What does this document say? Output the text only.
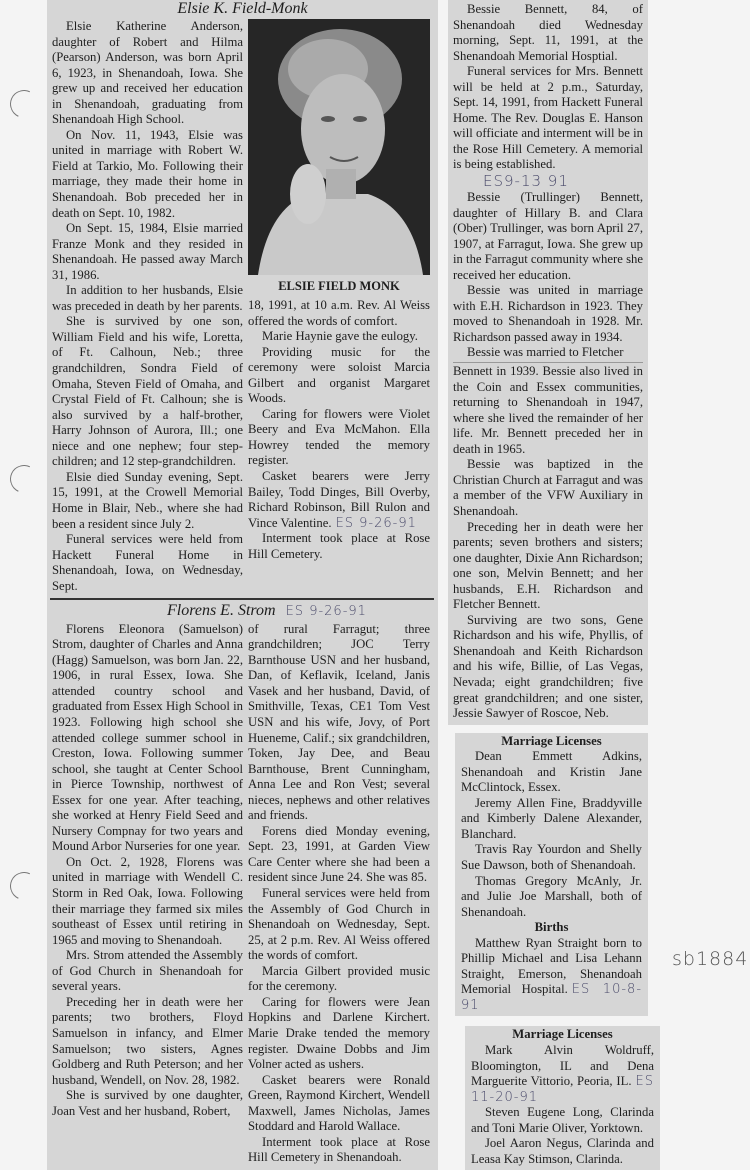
Elsie K. Field-Monk

Elsie Katherine Anderson, daughter of Robert and Hilma (Pearson) Anderson, was born April 6, 1923, in Shenandoah, Iowa. She grew up and received her education in Shenandoah, graduating from Shenandoah High School.

On Nov. 11, 1943, Elsie was united in marriage with Robert W. Field at Tarkio, Mo. Following their marriage, they made their home in Shenandoah. Bob preceded her in death on Sept. 10, 1982.

On Sept. 15, 1984, Elsie married Franze Monk and they resided in Shenandoah. He passed away March 31, 1986.

In addition to her husbands, Elsie was preceded in death by her parents.

She is survived by one son, William Field and his wife, Loretta, of Ft. Calhoun, Neb.; three grandchildren, Sondra Field of Omaha, Steven Field of Omaha, and Crystal Field of Ft. Calhoun; she is also survived by a half-brother, Harry Johnson of Aurora, Ill.; one niece and one nephew; four step-children; and 12 step-grandchildren.

Elsie died Sunday evening, Sept. 15, 1991, at the Crowell Memorial Home in Blair, Neb., where she had been a resident since July 2.

Funeral services were held from Hackett Funeral Home in Shenandoah, Iowa, on Wednesday, Sept.

ELSIE FIELD MONK

18, 1991, at 10 a.m. Rev. Al Weiss offered the words of comfort.

Marie Haynie gave the eulogy.

Providing music for the ceremony were soloist Marcia Gilbert and organist Margaret Woods.

Caring for flowers were Violet Beery and Eva McMahon. Ella Howrey tended the memory register.

Casket bearers were Jerry Bailey, Todd Dinges, Bill Overby, Richard Robinson, Bill Rulon and Vince Valentine. ES 9-26-91

Interment took place at Rose Hill Cemetery.

Florens E. Strom ES 9-26-91

Florens Eleonora (Samuelson) Strom, daughter of Charles and Anna (Hagg) Samuelson, was born Jan. 22, 1906, in rural Essex, Iowa. She attended country school and graduated from Essex High School in 1923. Following high school she attended college summer school in Creston, Iowa. Following summer school, she taught at Center School in Pierce Township, northwest of Essex for one year. After teaching, she worked at Henry Field Seed and Nursery Compnay for two years and Mound Arbor Nurseries for one year.

On Oct. 2, 1928, Florens was united in marriage with Wendell C. Storm in Red Oak, Iowa. Following their marriage they farmed six miles southeast of Essex until retiring in 1965 and moving to Shenandoah.

Mrs. Strom attended the Assembly of God Church in Shenandoah for several years.

Preceding her in death were her parents; two brothers, Floyd Samuelson in infancy, and Elmer Samuelson; two sisters, Agnes Goldberg and Ruth Peterson; and her husband, Wendell, on Nov. 28, 1982.

She is survived by one daughter, Joan Vest and her husband, Robert,

of rural Farragut; three grandchildren; JOC Terry Barnthouse USN and her husband, Dan, of Keflavik, Iceland, Janis Vasek and her husband, David, of Smithville, Texas, CE1 Tom Vest USN and his wife, Jovy, of Port Hueneme, Calif.; six grandchildren, Token, Jay Dee, and Beau Barnthouse, Brent Cunningham, Anna Lee and Ron Vest; several nieces, nephews and other relatives and friends.

Forens died Monday evening, Sept. 23, 1991, at Garden View Care Center where she had been a resident since June 24. She was 85.

Funeral services were held from the Assembly of God Church in Shenandoah on Wednesday, Sept. 25, at 2 p.m. Rev. Al Weiss offered the words of comfort.

Marcia Gilbert provided music for the ceremony.

Caring for flowers were Jean Hopkins and Darlene Kirchert. Marie Drake tended the memory register. Dwaine Dobbs and Jim Volner acted as ushers.

Casket bearers were Ronald Green, Raymond Kirchert, Wendell Maxwell, James Nicholas, James Stoddard and Harold Wallace.

Interment took place at Rose Hill Cemetery in Shenandoah.

Bessie Bennett, 84, of Shenandoah died Wednesday morning, Sept. 11, 1991, at the Shenandoah Memorial Hosptial.

Funeral services for Mrs. Bennett will be held at 2 p.m., Saturday, Sept. 14, 1991, from Hackett Funeral Home. The Rev. Douglas E. Hanson will officiate and interment will be in the Rose Hill Cemetery. A memorial is being established.

ES9-13 91

Bessie (Trullinger) Bennett, daughter of Hillary B. and Clara (Ober) Trullinger, was born April 27, 1907, at Farragut, Iowa. She grew up in the Farragut community where she received her education.

Bessie was united in marriage with E.H. Richardson in 1923. They moved to Shenandoah in 1928. Mr. Richardson passed away in 1934.

Bessie was married to Fletcher

Bennett in 1939. Bessie also lived in the Coin and Essex communities, returning to Shenandoah in 1947, where she lived the remainder of her life. Mr. Bennett preceded her in death in 1965.

Bessie was baptized in the Christian Church at Farragut and was a member of the VFW Auxiliary in Shenandoah.

Preceding her in death were her parents; seven brothers and sisters; one daughter, Dixie Ann Richardson; one son, Melvin Bennett; and her husbands, E.H. Richardson and Fletcher Bennett.

Surviving are two sons, Gene Richardson and his wife, Phyllis, of Shenandoah and Keith Richardson and his wife, Billie, of Las Vegas, Nevada; eight grandchildren; five great grandchildren; and one sister, Jessie Sawyer of Roscoe, Neb.

Marriage Licenses

Dean Emmett Adkins, Shenandoah and Kristin Jane McClintock, Essex.

Jeremy Allen Fine, Braddyville and Kimberly Dalene Alexander, Blanchard.

Travis Ray Yourdon and Shelly Sue Dawson, both of Shenandoah.

Thomas Gregory McAnly, Jr. and Julie Joe Marshall, both of Shenandoah.

Births

Matthew Ryan Straight born to Phillip Michael and Lisa Lehann Straight, Emerson, Shenandoah Memorial Hospital. ES 10-8-91

Marriage Licenses

Mark Alvin Woldruff, Bloomington, IL and Dena Marguerite Vittorio, Peoria, IL. ES 11-20-91

Steven Eugene Long, Clarinda and Toni Marie Oliver, Yorktown.

Joel Aaron Negus, Clarinda and Leasa Kay Stimson, Clarinda.

sb1884
